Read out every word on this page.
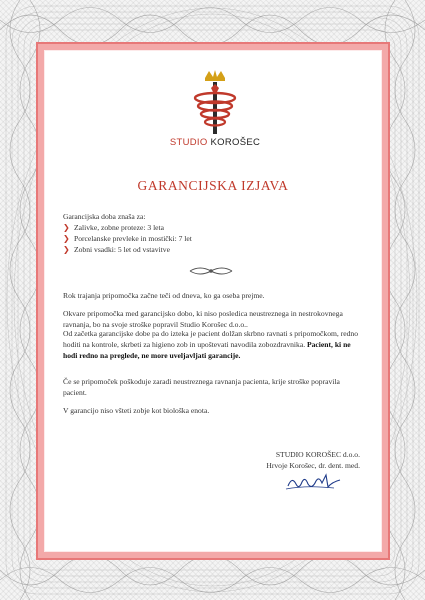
STUDIO KOROŠEC
GARANCIJSKA IZJAVA

Garancijska doba znaša za:

❯ Zalivke, zobne proteze: 3 leta
❯ Porcelanske prevleke in mostički: 7 let
❯ Zobni vsadki: 5 let od vstavitve

Rok trajanja pripomočka začne teči od dneva, ko ga oseba prejme.

Okvare pripomočka med garancijsko dobo, ki niso posledica neustreznega in nestrokovnega ravnanja, bo na svoje stroške popravil Studio Korošec d.o.o..

Od začetka garancijske dobe pa do izteka je pacient dolžan skrbno ravnati s pripomočkom, redno hoditi na kontrole, skrbeti za higieno zob in upoštevati navodila zobozdravnika. Pacient, ki ne hodi redno na preglede, ne more uveljavljati garancije.
Če se pripomoček poškoduje zaradi neustreznega ravnanja pacienta, krije stroške popravila pacient.
V garancijo niso všteti zobje kot biološka enota.
STUDIO KOROŠEC d.o.o.
Hrvoje Korošec, dr. dent. med.
